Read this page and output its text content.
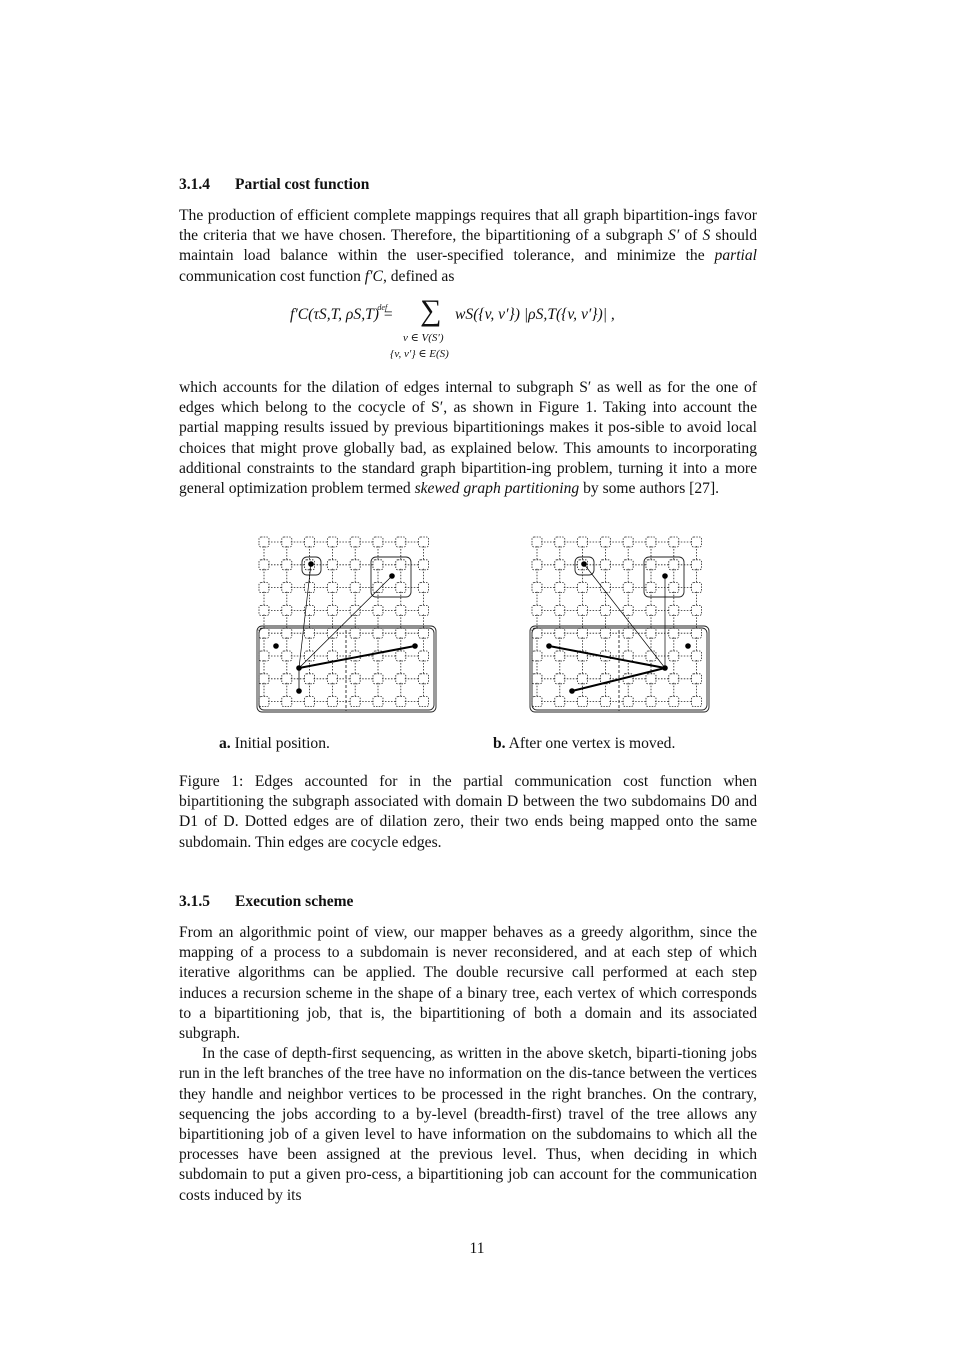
3.1.4 Partial cost function

The production of efficient complete mappings requires that all graph bipartition-ings favor the criteria that we have chosen. Therefore, the bipartitioning of a subgraph S′ of S should maintain load balance within the user-specified tolerance, and minimize the partial communication cost function f′C, defined as

f′C(τS,T, ρS,T) =$^{def}$ ∑ wS({v, v′}) |ρS,T({v, v′})| ,
v ∈ V(S′)
{v, v′} ∈ E(S)

which accounts for the dilation of edges internal to subgraph S′ as well as for the one of edges which belong to the cocycle of S′, as shown in Figure 1. Taking into account the partial mapping results issued by previous bipartitionings makes it pos-sible to avoid local choices that might prove globally bad, as explained below. This amounts to incorporating additional constraints to the standard graph bipartition-ing problem, turning it into a more general optimization problem termed skewed graph partitioning by some authors [27].

a. Initial position.	b. After one vertex is moved.

Figure 1: Edges accounted for in the partial communication cost function when bipartitioning the subgraph associated with domain D between the two subdomains D0 and D1 of D. Dotted edges are of dilation zero, their two ends being mapped onto the same subdomain. Thin edges are cocycle edges.

3.1.5 Execution scheme

From an algorithmic point of view, our mapper behaves as a greedy algorithm, since the mapping of a process to a subdomain is never reconsidered, and at each step of which iterative algorithms can be applied. The double recursive call performed at each step induces a recursion scheme in the shape of a binary tree, each vertex of which corresponds to a bipartitioning job, that is, the bipartitioning of both a domain and its associated subgraph.

In the case of depth-first sequencing, as written in the above sketch, biparti-tioning jobs run in the left branches of the tree have no information on the dis-tance between the vertices they handle and neighbor vertices to be processed in the right branches. On the contrary, sequencing the jobs according to a by-level (breadth-first) travel of the tree allows any bipartitioning job of a given level to have information on the subdomains to which all the processes have been assigned at the previous level. Thus, when deciding in which subdomain to put a given pro-cess, a bipartitioning job can account for the communication costs induced by its

11
